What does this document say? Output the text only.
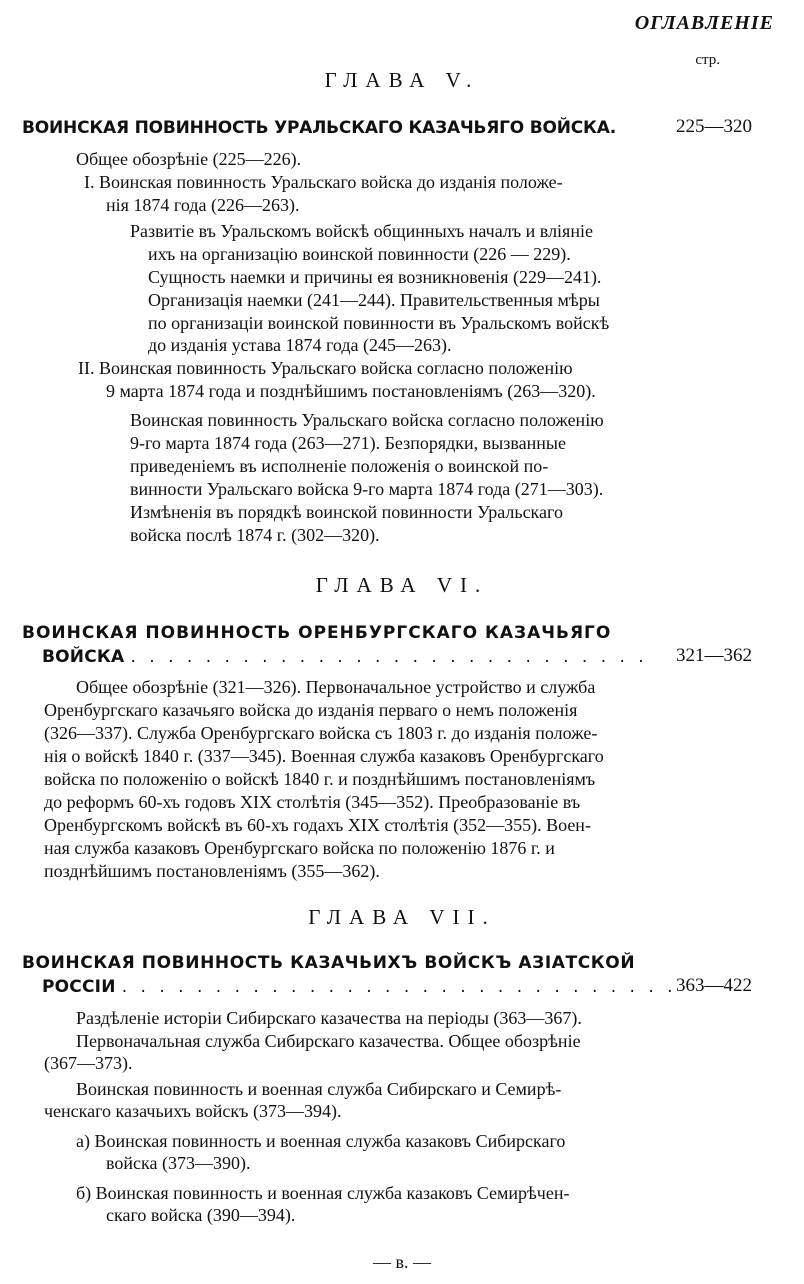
ОГЛАВЛЕНIЕ
стр.
ГЛАВА V.
ВОИНСКАЯ ПОВИННОСТЬ УРАЛЬСКАГО КАЗАЧЬЯГО ВОЙСКА.	225—320
Общее обозрѣнie (225—226).
I. Воинская повинность Уральскаго войска до изданія положе-
нія 1874 года (226—263).
Развитіе въ Уральскомъ войскѣ общинныхъ началъ и вліяніе
ихъ на организацію воинской повинности (226 — 229).
Сущность наемки и причины ея возникновенія (229—241).
Организація наемки (241—244). Правительственныя мѣры
по организаціи воинской повинности въ Уральскомъ войскѣ
до изданія устава 1874 года (245—263).
II. Воинская повинность Уральскаго войска согласно положенію
9 марта 1874 года и позднѣйшимъ постановленіямъ (263—320).
Воинская повинность Уральскаго войска согласно положенію
9-го марта 1874 года (263—271). Безпорядки, вызванные
приведеніемъ въ исполненіе положенія о воинской по-
винности Уральскаго войска 9-го марта 1874 года (271—303).
Измѣненія въ порядкѣ воинской повинности Уральскаго
войска послѣ 1874 г. (302—320).
ГЛАВА VI.
ВОИНСКАЯ ПОВИННОСТЬ ОРЕНБУРГСКАГО КАЗАЧЬЯГО
ВОЙСКА . . . . . . . . . . . . . . . . . . . . . . . . . . . . 321—362
Общее обозрѣніе (321—326). Первоначальное устройство и служба
Оренбургскаго казачьяго войска до изданія перваго о немъ положенія
(326—337). Служба Оренбургскаго войска съ 1803 г. до изданія положе-
нія о войскѣ 1840 г. (337—345). Военная служба казаковъ Оренбургскаго
войска по положенію о войскѣ 1840 г. и позднѣйшимъ постановленіямъ
до реформъ 60-хъ годовъ XIX столѣтія (345—352). Преобразованіе въ
Оренбургскомъ войскѣ въ 60-хъ годахъ XIX столѣтія (352—355). Воен-
ная служба казаковъ Оренбургскаго войска по положенію 1876 г. и
позднѣйшимъ постановленіямъ (355—362).
ГЛАВА VII.
ВОИНСКАЯ ПОВИННОСТЬ КАЗАЧЬИХЪ ВОЙСКЪ АЗIАТСКОЙ
РОССIИ . . . . . . . . . . . . . . . . . . . . . . . . . . . . . . 363—422
Раздѣленіе исторіи Сибирскаго казачества на періоды (363—367).
Первоначальная служба Сибирскаго казачества. Общее обозрѣніе
(367—373).
Воинская повинность и военная служба Сибирскаго и Семирѣ-
ченскаго казачьихъ войскъ (373—394).
а) Воинская повинность и военная служба казаковъ Сибирскаго
войска (373—390).
б) Воинская повинность и военная служба казаковъ Семирѣчен-
скаго войска (390—394).
— в. —
